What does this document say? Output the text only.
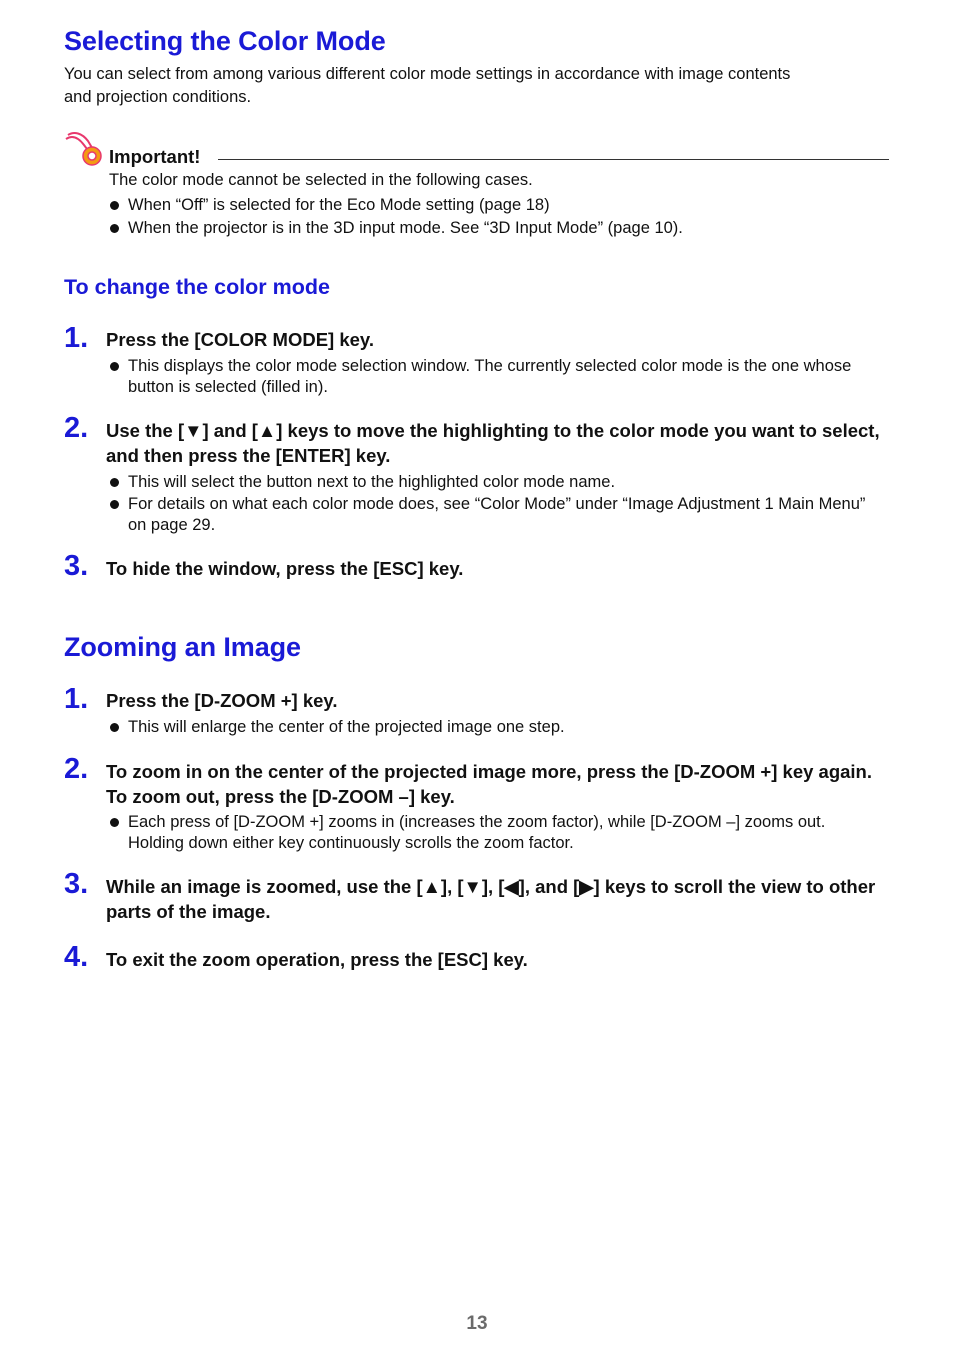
Selecting the Color Mode
You can select from among various different color mode settings in accordance with image contents
and projection conditions.
Important!
The color mode cannot be selected in the following cases.
When “Off” is selected for the Eco Mode setting (page 18)
When the projector is in the 3D input mode. See “3D Input Mode” (page 10).
To change the color mode
1. Press the [COLOR MODE] key.
This displays the color mode selection window. The currently selected color mode is the one whose button is selected (filled in).
2. Use the [▼] and [▲] keys to move the highlighting to the color mode you want to select, and then press the [ENTER] key.
This will select the button next to the highlighted color mode name.
For details on what each color mode does, see “Color Mode” under “Image Adjustment 1 Main Menu” on page 29.
3. To hide the window, press the [ESC] key.
Zooming an Image
1. Press the [D-ZOOM +] key.
This will enlarge the center of the projected image one step.
2. To zoom in on the center of the projected image more, press the [D-ZOOM +] key again. To zoom out, press the [D-ZOOM –] key.
Each press of [D-ZOOM +] zooms in (increases the zoom factor), while [D-ZOOM –] zooms out. Holding down either key continuously scrolls the zoom factor.
3. While an image is zoomed, use the [▲], [▼], [◀], and [▶] keys to scroll the view to other parts of the image.
4. To exit the zoom operation, press the [ESC] key.
13
